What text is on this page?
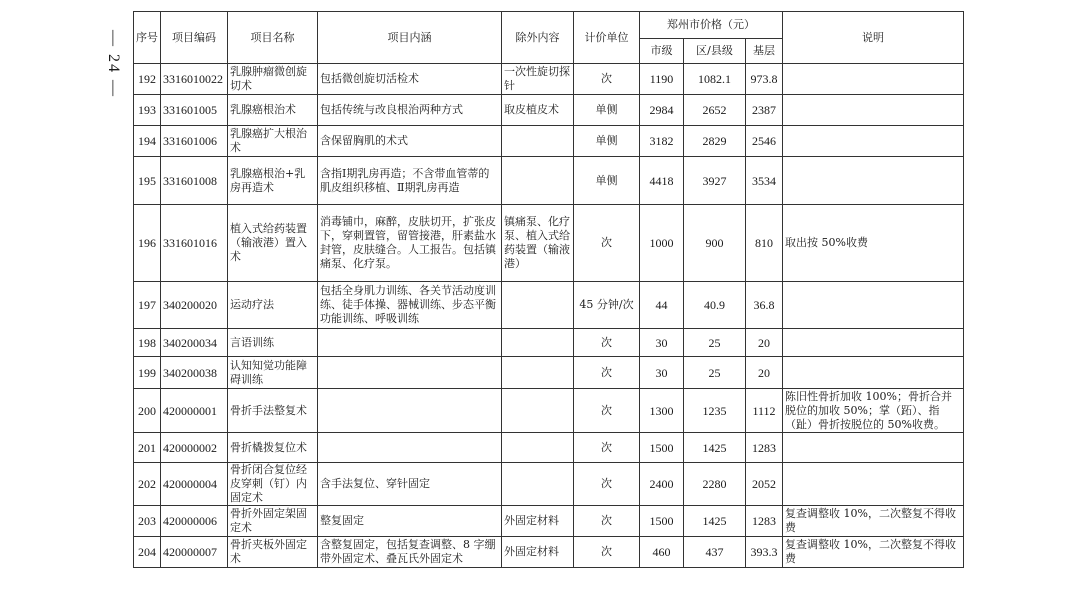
— 24 — 序号	项目编码	项目名称	项目内涵	除外内容	计价单位	郑州市价格（元）			说明
						市级	区/县级	基层	
192	3316010022	乳腺肿瘤微创旋切术	包括微创旋切活检术	一次性旋切探针	次	1190	1082.1	973.8	
193	331601005	乳腺癌根治术	包括传统与改良根治两种方式	取皮植皮术	单侧	2984	2652	2387	
194	331601006	乳腺癌扩大根治术	含保留胸肌的术式		单侧	3182	2829	2546	
195	331601008	乳腺癌根治+乳房再造术	含指Ⅰ期乳房再造；不含带血管蒂的肌皮组织移植、Ⅱ期乳房再造		单侧	4418	3927	3534	
196	331601016	植入式给药装置（输液港）置入术	消毒铺巾，麻醉，皮肤切开，扩张皮下，穿刺置管，留管接港，肝素盐水封管，皮肤缝合。人工报告。包括镇痛泵、化疗泵。	镇痛泵、化疗泵、植入式给药装置（输液港）	次	1000	900	810	取出按 50%收费
197	340200020	运动疗法	包括全身肌力训练、各关节活动度训练、徒手体操、器械训练、步态平衡功能训练、呼吸训练		45 分钟/次	44	40.9	36.8	
198	340200034	言语训练			次	30	25	20	
199	340200038	认知知觉功能障碍训练			次	30	25	20	
200	420000001	骨折手法整复术			次	1300	1235	1112	陈旧性骨折加收 100%；骨折合并脱位的加收 50%；掌（跖）、指（趾）骨折按脱位的 50%收费。
201	420000002	骨折橇拨复位术			次	1500	1425	1283	
202	420000004	骨折闭合复位经皮穿刺（钉）内固定术	含手法复位、穿针固定		次	2400	2280	2052	
203	420000006	骨折外固定架固定术	整复固定	外固定材料	次	1500	1425	1283	复查调整收 10%，二次整复不得收费
204	420000007	骨折夹板外固定术	含整复固定，包括复查调整、8 字绷带外固定术、叠瓦氏外固定术	外固定材料	次	460	437	393.3	复查调整收 10%，二次整复不得收费
